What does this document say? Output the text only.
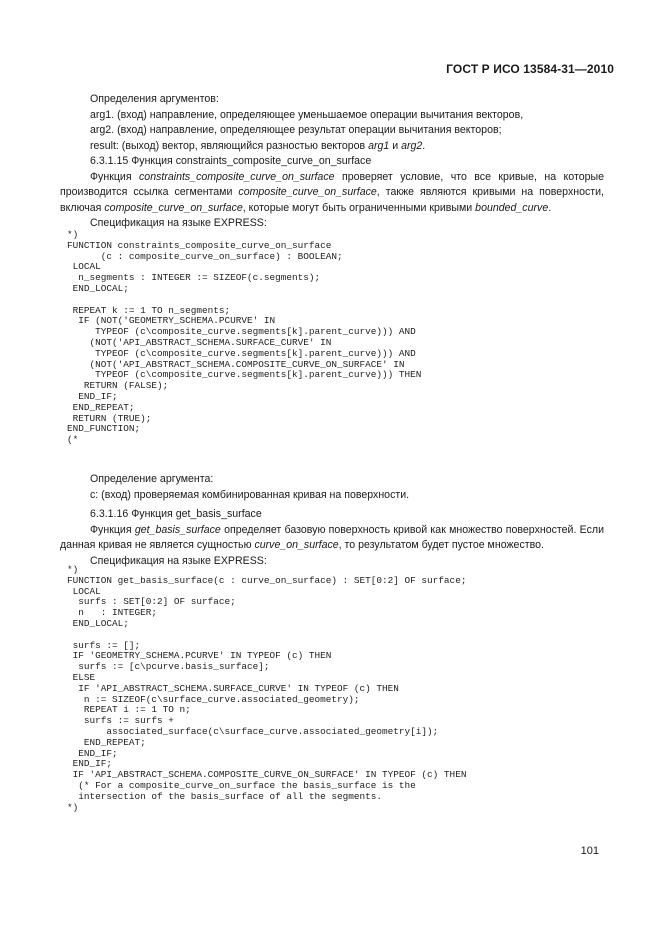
ГОСТ Р ИСО 13584-31—2010

Определения аргументов:

arg1. (вход) направление, определяющее уменьшаемое операции вычитания векторов,

arg2. (вход) направление, определяющее результат операции вычитания векторов;

result: (выход) вектор, являющийся разностью векторов arg1 и arg2.

6.3.1.15 Функция constraints_composite_curve_on_surface

Функция constraints_composite_curve_on_surface проверяет условие, что все кривые, на которые производится ссылка сегментами composite_curve_on_surface, также являются кривыми на поверхности, включая composite_curve_on_surface, которые могут быть ограниченными кривыми bounded_curve.

Спецификация на языке EXPRESS:

*)
FUNCTION constraints_composite_curve_on_surface
(c : composite_curve_on_surface) : BOOLEAN;
LOCAL
n_segments : INTEGER := SIZEOF(c.segments);
END_LOCAL;

REPEAT k := 1 TO n_segments;
IF (NOT('GEOMETRY_SCHEMA.PCURVE' IN
TYPEOF (c\composite_curve.segments[k].parent_curve))) AND
(NOT('API_ABSTRACT_SCHEMA.SURFACE_CURVE' IN
TYPEOF (c\composite_curve.segments[k].parent_curve))) AND
(NOT('API_ABSTRACT_SCHEMA.COMPOSITE_CURVE_ON_SURFACE' IN
TYPEOF (c\composite_curve.segments[k].parent_curve))) THEN
RETURN (FALSE);
END_IF;
END_REPEAT;
RETURN (TRUE);
END_FUNCTION;
(*

Определение аргумента:

c: (вход) проверяемая комбинированная кривая на поверхности.

6.3.1.16 Функция get_basis_surface

Функция get_basis_surface определяет базовую поверхность кривой как множество поверхностей. Если данная кривая не является сущностью curve_on_surface, то результатом будет пустое множество.

Спецификация на языке EXPRESS:

*)
FUNCTION get_basis_surface(c : curve_on_surface) : SET[0:2] OF surface;
LOCAL
surfs : SET[0:2] OF surface;
n   : INTEGER;
END_LOCAL;

surfs := [];
IF 'GEOMETRY_SCHEMA.PCURVE' IN TYPEOF (c) THEN
surfs := [c\pcurve.basis_surface];
ELSE
IF 'API_ABSTRACT_SCHEMA.SURFACE_CURVE' IN TYPEOF (c) THEN
n := SIZEOF(c\surface_curve.associated_geometry);
REPEAT i := 1 TO n;
surfs := surfs +
associated_surface(c\surface_curve.associated_geometry[i]);
END_REPEAT;
END_IF;
END_IF;
IF 'API_ABSTRACT_SCHEMA.COMPOSITE_CURVE_ON_SURFACE' IN TYPEOF (c) THEN
(* For a composite_curve_on_surface the basis_surface is the
intersection of the basis_surface of all the segments.
*)
101
